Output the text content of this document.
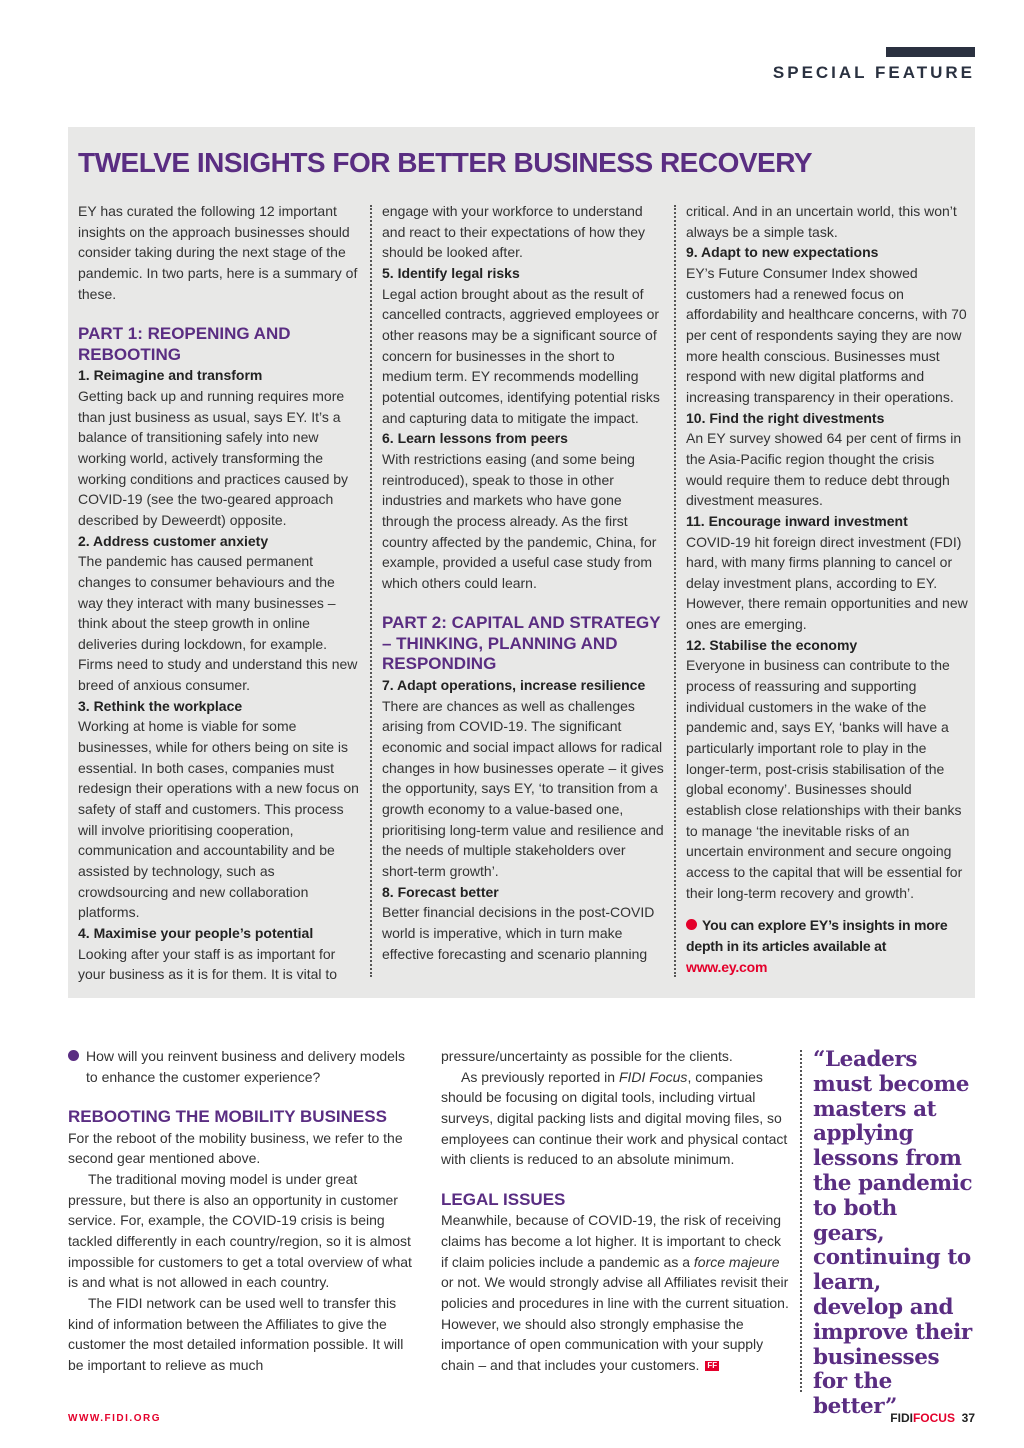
SPECIAL FEATURE
TWELVE INSIGHTS FOR BETTER BUSINESS RECOVERY
EY has curated the following 12 important insights on the approach businesses should consider taking during the next stage of the pandemic. In two parts, here is a summary of these.
PART 1: REOPENING AND REBOOTING
1. Reimagine and transform
Getting back up and running requires more than just business as usual, says EY. It’s a balance of transitioning safely into new working world, actively transforming the working conditions and practices caused by COVID-19 (see the two-geared approach described by Deweerdt) opposite.
2. Address customer anxiety
The pandemic has caused permanent changes to consumer behaviours and the way they interact with many businesses – think about the steep growth in online deliveries during lockdown, for example. Firms need to study and understand this new breed of anxious consumer.
3. Rethink the workplace
Working at home is viable for some businesses, while for others being on site is essential. In both cases, companies must redesign their operations with a new focus on safety of staff and customers. This process will involve prioritising cooperation, communication and accountability and be assisted by technology, such as crowdsourcing and new collaboration platforms.
4. Maximise your people’s potential
Looking after your staff is as important for your business as it is for them. It is vital to
engage with your workforce to understand and react to their expectations of how they should be looked after.
5. Identify legal risks
Legal action brought about as the result of cancelled contracts, aggrieved employees or other reasons may be a significant source of concern for businesses in the short to medium term. EY recommends modelling potential outcomes, identifying potential risks and capturing data to mitigate the impact.
6. Learn lessons from peers
With restrictions easing (and some being reintroduced), speak to those in other industries and markets who have gone through the process already. As the first country affected by the pandemic, China, for example, provided a useful case study from which others could learn.
PART 2: CAPITAL AND STRATEGY – THINKING, PLANNING AND RESPONDING
7. Adapt operations, increase resilience
There are chances as well as challenges arising from COVID-19. The significant economic and social impact allows for radical changes in how businesses operate – it gives the opportunity, says EY, ‘to transition from a growth economy to a value-based one, prioritising long-term value and resilience and the needs of multiple stakeholders over short-term growth’.
8. Forecast better
Better financial decisions in the post-COVID world is imperative, which in turn make effective forecasting and scenario planning
critical. And in an uncertain world, this won’t always be a simple task.
9. Adapt to new expectations
EY’s Future Consumer Index showed customers had a renewed focus on affordability and healthcare concerns, with 70 per cent of respondents saying they are now more health conscious. Businesses must respond with new digital platforms and increasing transparency in their operations.
10. Find the right divestments
An EY survey showed 64 per cent of firms in the Asia-Pacific region thought the crisis would require them to reduce debt through divestment measures.
11. Encourage inward investment
COVID-19 hit foreign direct investment (FDI) hard, with many firms planning to cancel or delay investment plans, according to EY. However, there remain opportunities and new ones are emerging.
12. Stabilise the economy
Everyone in business can contribute to the process of reassuring and supporting individual customers in the wake of the pandemic and, says EY, ‘banks will have a particularly important role to play in the longer-term, post-crisis stabilisation of the global economy’. Businesses should establish close relationships with their banks to manage ‘the inevitable risks of an uncertain environment and secure ongoing access to the capital that will be essential for their long-term recovery and growth’.
You can explore EY’s insights in more depth in its articles available at www.ey.com
How will you reinvent business and delivery models to enhance the customer experience?
REBOOTING THE MOBILITY BUSINESS
For the reboot of the mobility business, we refer to the second gear mentioned above.
The traditional moving model is under great pressure, but there is also an opportunity in customer service. For, example, the COVID-19 crisis is being tackled differently in each country/region, so it is almost impossible for customers to get a total overview of what is and what is not allowed in each country.
The FIDI network can be used well to transfer this kind of information between the Affiliates to give the customer the most detailed information possible. It will be important to relieve as much
pressure/uncertainty as possible for the clients.
As previously reported in FIDI Focus, companies should be focusing on digital tools, including virtual surveys, digital packing lists and digital moving files, so employees can continue their work and physical contact with clients is reduced to an absolute minimum.
LEGAL ISSUES
Meanwhile, because of COVID-19, the risk of receiving claims has become a lot higher. It is important to check if claim policies include a pandemic as a force majeure or not. We would strongly advise all Affiliates revisit their policies and procedures in line with the current situation. However, we should also strongly emphasise the importance of open communication with your supply chain – and that includes your customers. FF
“Leaders must become masters at applying lessons from the pandemic to both gears, continuing to learn, develop and improve their businesses for the better”
WWW.FIDI.ORG	FIDIFOCUS 37
